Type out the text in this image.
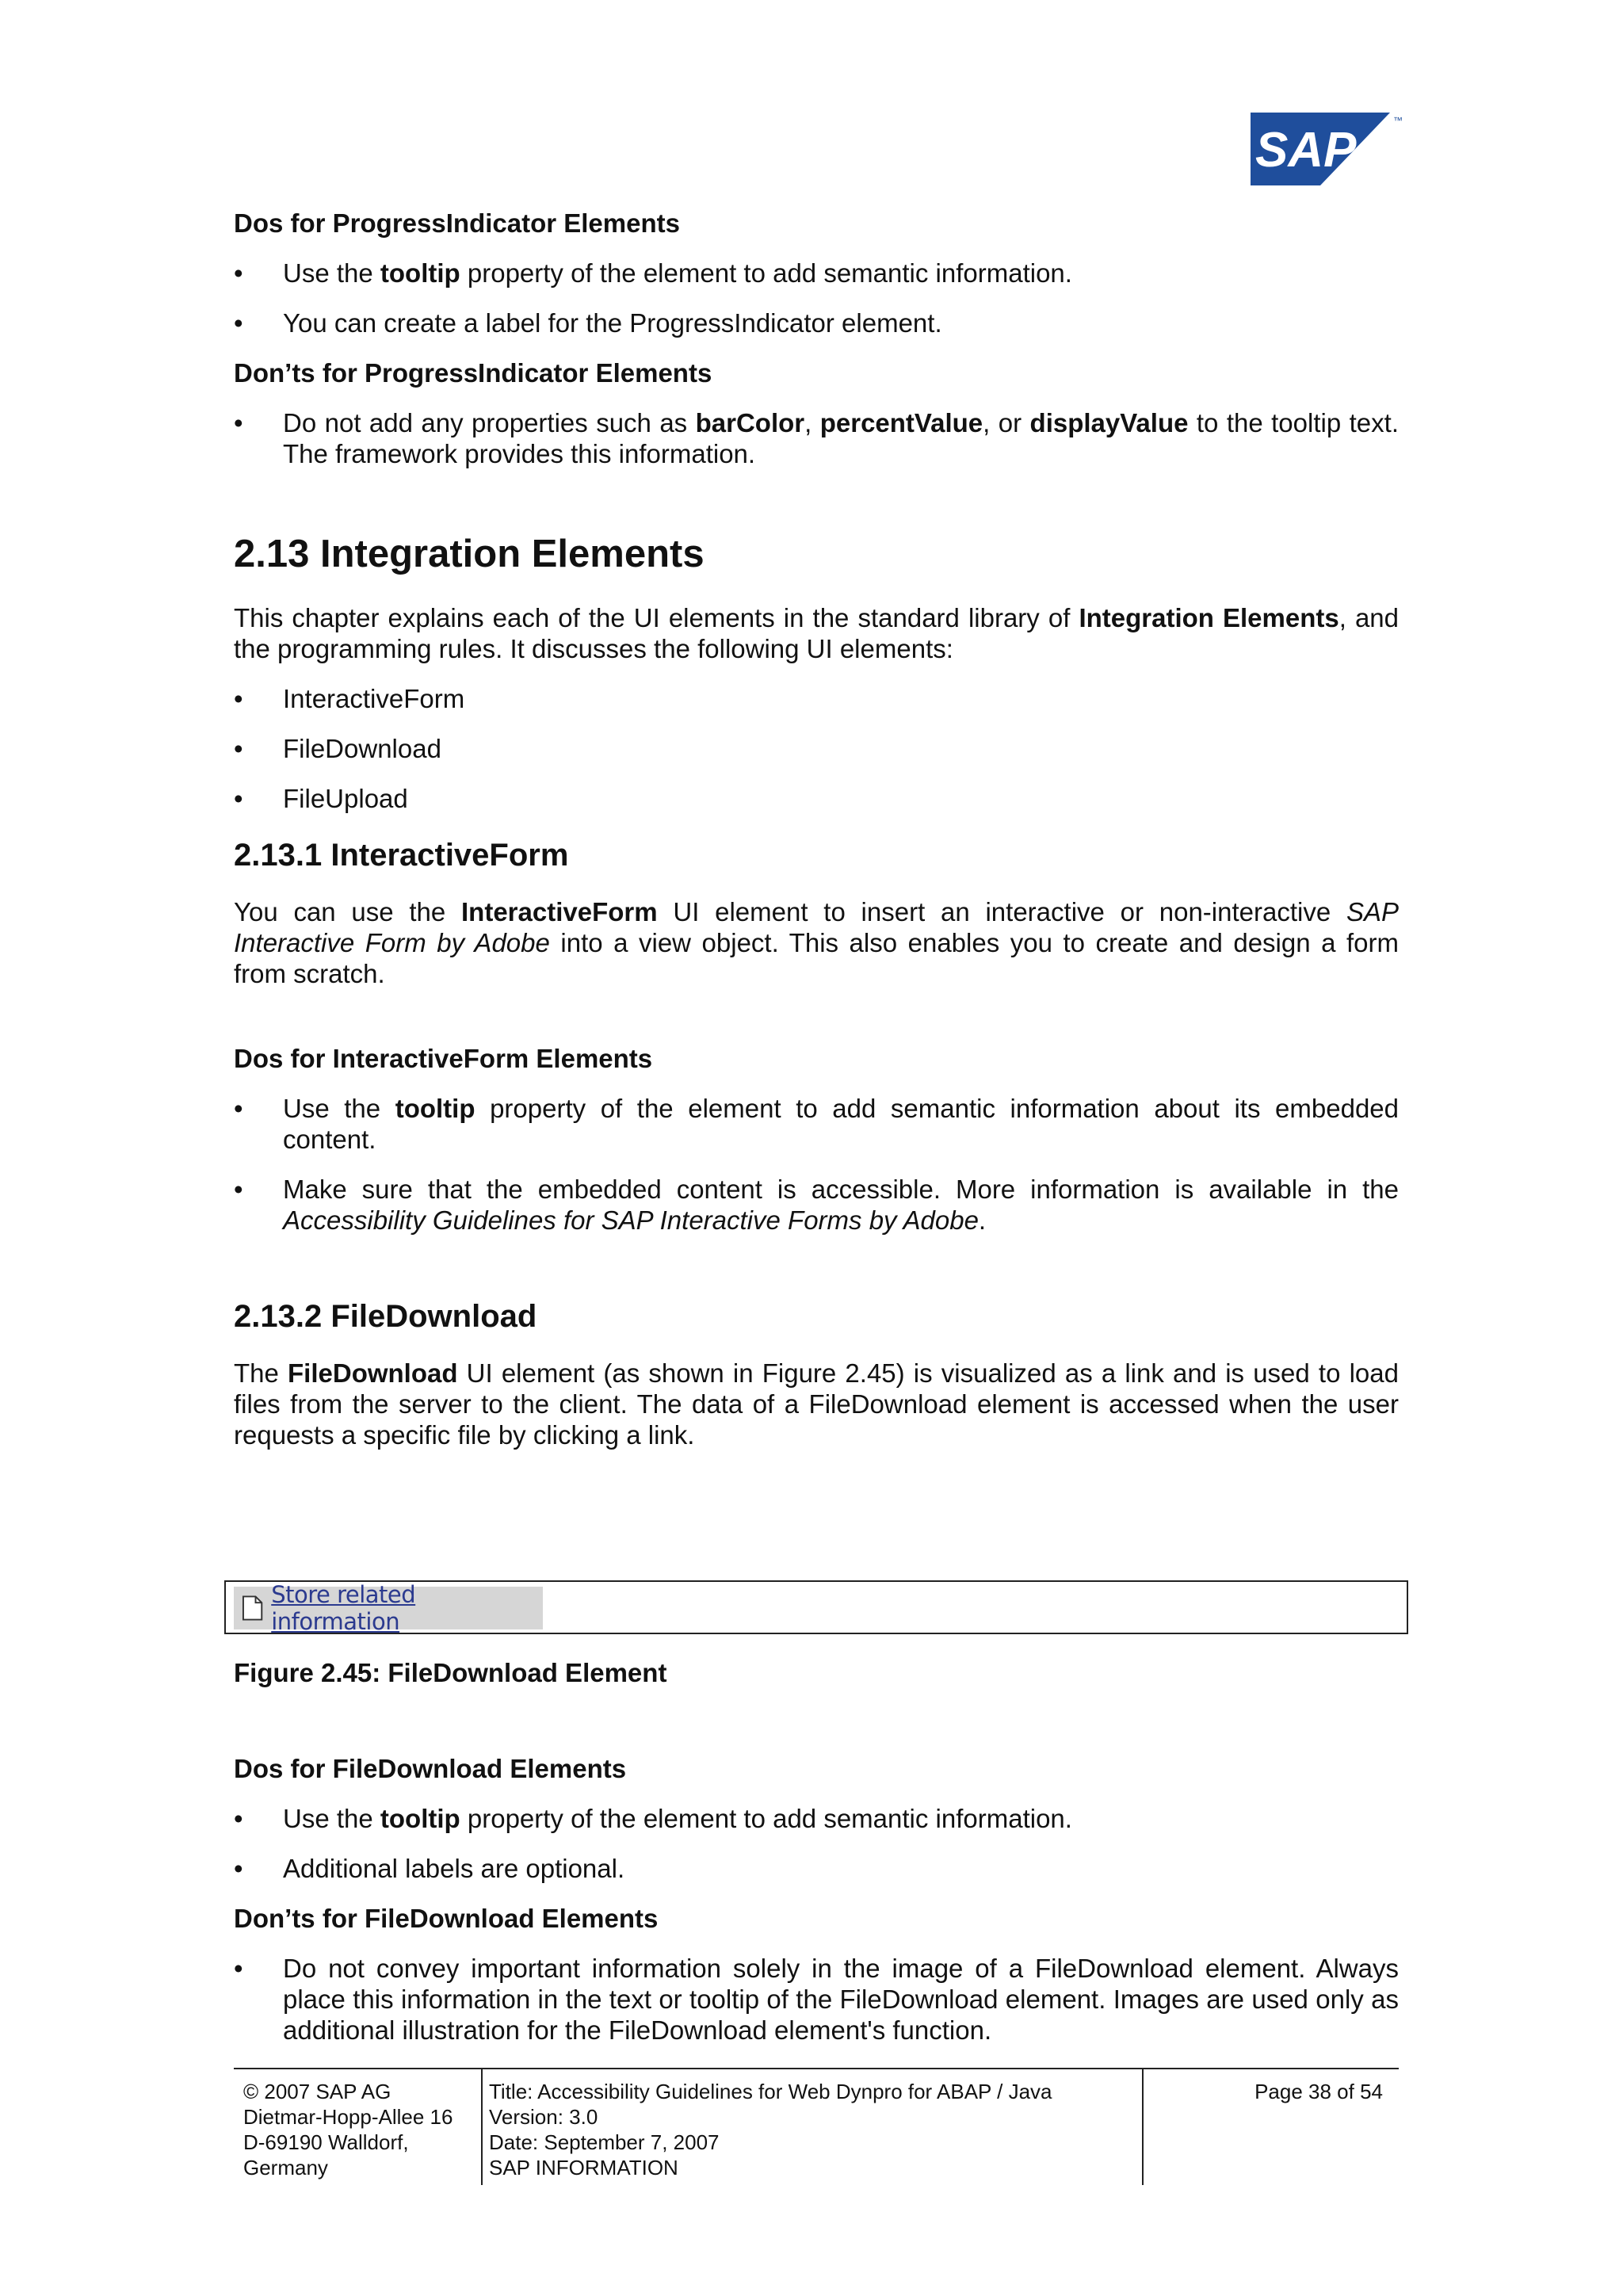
SAP
™
Dos for ProgressIndicator Elements
• Use the tooltip property of the element to add semantic information.
• You can create a label for the ProgressIndicator element.
Don’ts for ProgressIndicator Elements
• Do not add any properties such as barColor, percentValue, or displayValue to the tooltip text. The framework provides this information.
2.13 Integration Elements

This chapter explains each of the UI elements in the standard library of Integration Elements, and the programming rules. It discusses the following UI elements:

• InteractiveForm
• FileDownload
• FileUpload
2.13.1 InteractiveForm

You can use the InteractiveForm UI element to insert an interactive or non-interactive SAP Interactive Form by Adobe into a view object. This also enables you to create and design a form from scratch.

Dos for InteractiveForm Elements
• Use the tooltip property of the element to add semantic information about its embedded content.
• Make sure that the embedded content is accessible. More information is available in the Accessibility Guidelines for SAP Interactive Forms by Adobe.
2.13.2 FileDownload

The FileDownload UI element (as shown in Figure 2.45) is visualized as a link and is used to load files from the server to the client. The data of a FileDownload element is accessed when the user requests a specific file by clicking a link.

Store related information
Figure 2.45: FileDownload Element
Dos for FileDownload Elements
• Use the tooltip property of the element to add semantic information.
• Additional labels are optional.
Don’ts for FileDownload Elements
• Do not convey important information solely in the image of a FileDownload element. Always place this information in the text or tooltip of the FileDownload element. Images are used only as additional illustration for the FileDownload element's function.
© 2007 SAP AG
Dietmar-Hopp-Allee 16
D-69190 Walldorf,
Germany
Title: Accessibility Guidelines for Web Dynpro for ABAP / Java
Version: 3.0
Date: September 7, 2007
SAP INFORMATION
Page 38 of 54
